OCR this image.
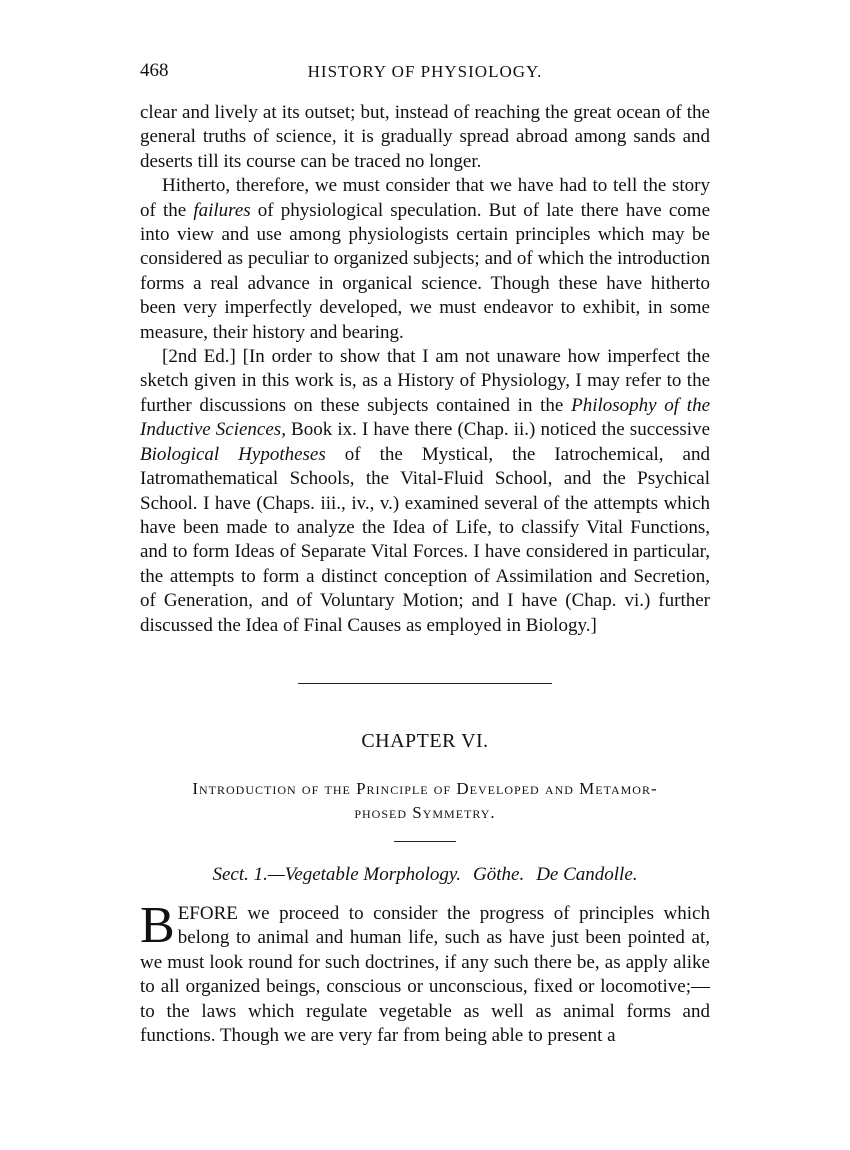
468	HISTORY OF PHYSIOLOGY.

clear and lively at its outset; but, instead of reaching the great ocean of the general truths of science, it is gradually spread abroad among sands and deserts till its course can be traced no longer.

Hitherto, therefore, we must consider that we have had to tell the story of the failures of physiological speculation. But of late there have come into view and use among physiologists certain principles which may be considered as peculiar to organized subjects; and of which the introduction forms a real advance in organical science. Though these have hitherto been very imperfectly developed, we must endeavor to exhibit, in some measure, their history and bearing.

[2nd Ed.] [In order to show that I am not unaware how imperfect the sketch given in this work is, as a History of Physiology, I may refer to the further discussions on these subjects contained in the Philosophy of the Inductive Sciences, Book ix. I have there (Chap. ii.) noticed the successive Biological Hypotheses of the Mystical, the Iatrochemical, and Iatromathematical Schools, the Vital-Fluid School, and the Psychical School. I have (Chaps. iii., iv., v.) examined several of the attempts which have been made to analyze the Idea of Life, to classify Vital Functions, and to form Ideas of Separate Vital Forces. I have considered in particular, the attempts to form a distinct conception of Assimilation and Secretion, of Generation, and of Voluntary Motion; and I have (Chap. vi.) further discussed the Idea of Final Causes as employed in Biology.]

CHAPTER VI.
Introduction of the Principle of Developed and Metamor-
phosed Symmetry.
Sect. 1.—Vegetable Morphology. Göthe. De Candolle.

BEFORE we proceed to consider the progress of principles which belong to animal and human life, such as have just been pointed at, we must look round for such doctrines, if any such there be, as apply alike to all organized beings, conscious or unconscious, fixed or locomotive;—to the laws which regulate vegetable as well as animal forms and functions. Though we are very far from being able to present a
